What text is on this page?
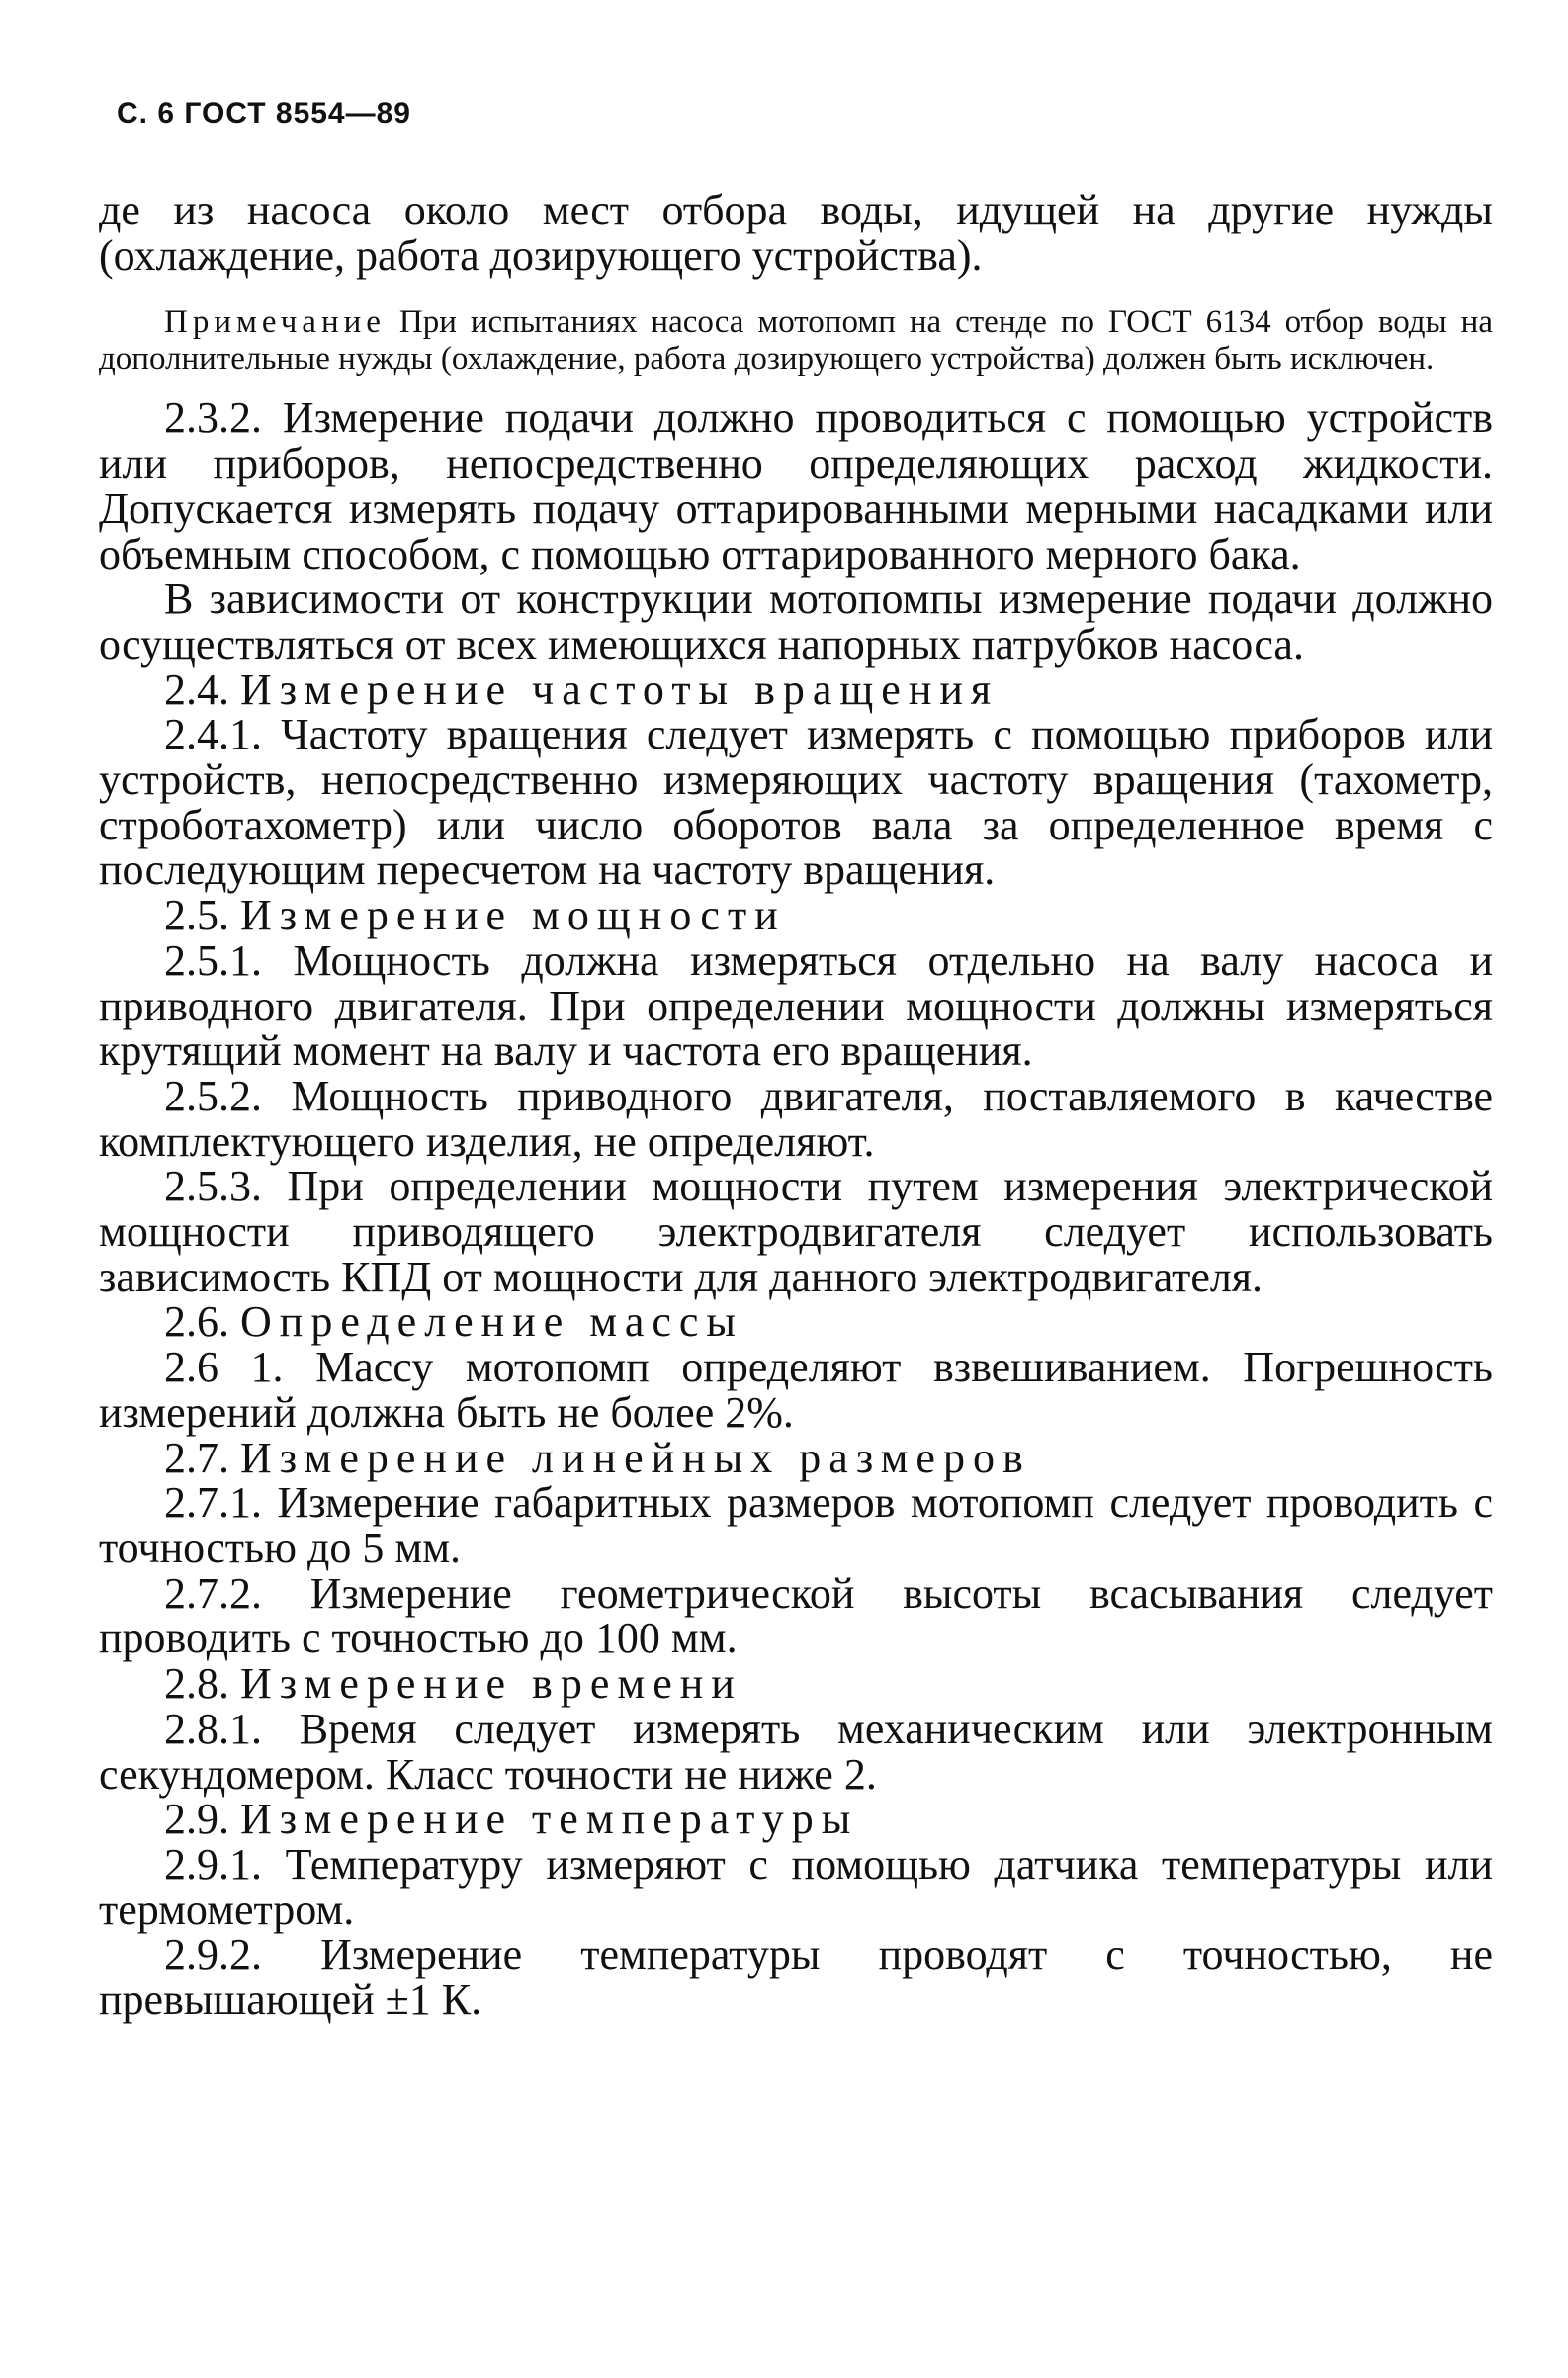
С. 6 ГОСТ 8554—89

де из насоса около мест отбора воды, идущей на другие нужды (охлаждение, работа дозирующего устройства).

Примечание При испытаниях насоса мотопомп на стенде по ГОСТ 6134 отбор воды на дополнительные нужды (охлаждение, работа дозирующего устройства) должен быть исключен.

2.3.2. Измерение подачи должно проводиться с помощью устройств или приборов, непосредственно определяющих расход жидкости. Допускается измерять подачу оттарированными мерными насадками или объемным способом, с помощью оттарированного мерного бака.

В зависимости от конструкции мотопомпы измерение подачи должно осуществляться от всех имеющихся напорных патрубков насоса.

2.4. Измерение частоты вращения

2.4.1. Частоту вращения следует измерять с помощью приборов или устройств, непосредственно измеряющих частоту вращения (тахометр, строботахометр) или число оборотов вала за определенное время с последующим пересчетом на частоту вращения.

2.5. Измерение мощности

2.5.1. Мощность должна измеряться отдельно на валу насоса и приводного двигателя. При определении мощности должны измеряться крутящий момент на валу и частота его вращения.

2.5.2. Мощность приводного двигателя, поставляемого в качестве комплектующего изделия, не определяют.

2.5.3. При определении мощности путем измерения электрической мощности приводящего электродвигателя следует использовать зависимость КПД от мощности для данного электродвигателя.

2.6. Определение массы

2.6 1. Массу мотопомп определяют взвешиванием. Погрешность измерений должна быть не более 2%.

2.7. Измерение линейных размеров

2.7.1. Измерение габаритных размеров мотопомп следует проводить с точностью до 5 мм.

2.7.2. Измерение геометрической высоты всасывания следует проводить с точностью до 100 мм.

2.8. Измерение времени

2.8.1. Время следует измерять механическим или электронным секундомером. Класс точности не ниже 2.

2.9. Измерение температуры

2.9.1. Температуру измеряют с помощью датчика температуры или термометром.

2.9.2. Измерение температуры проводят с точностью, не превышающей ±1 К.
